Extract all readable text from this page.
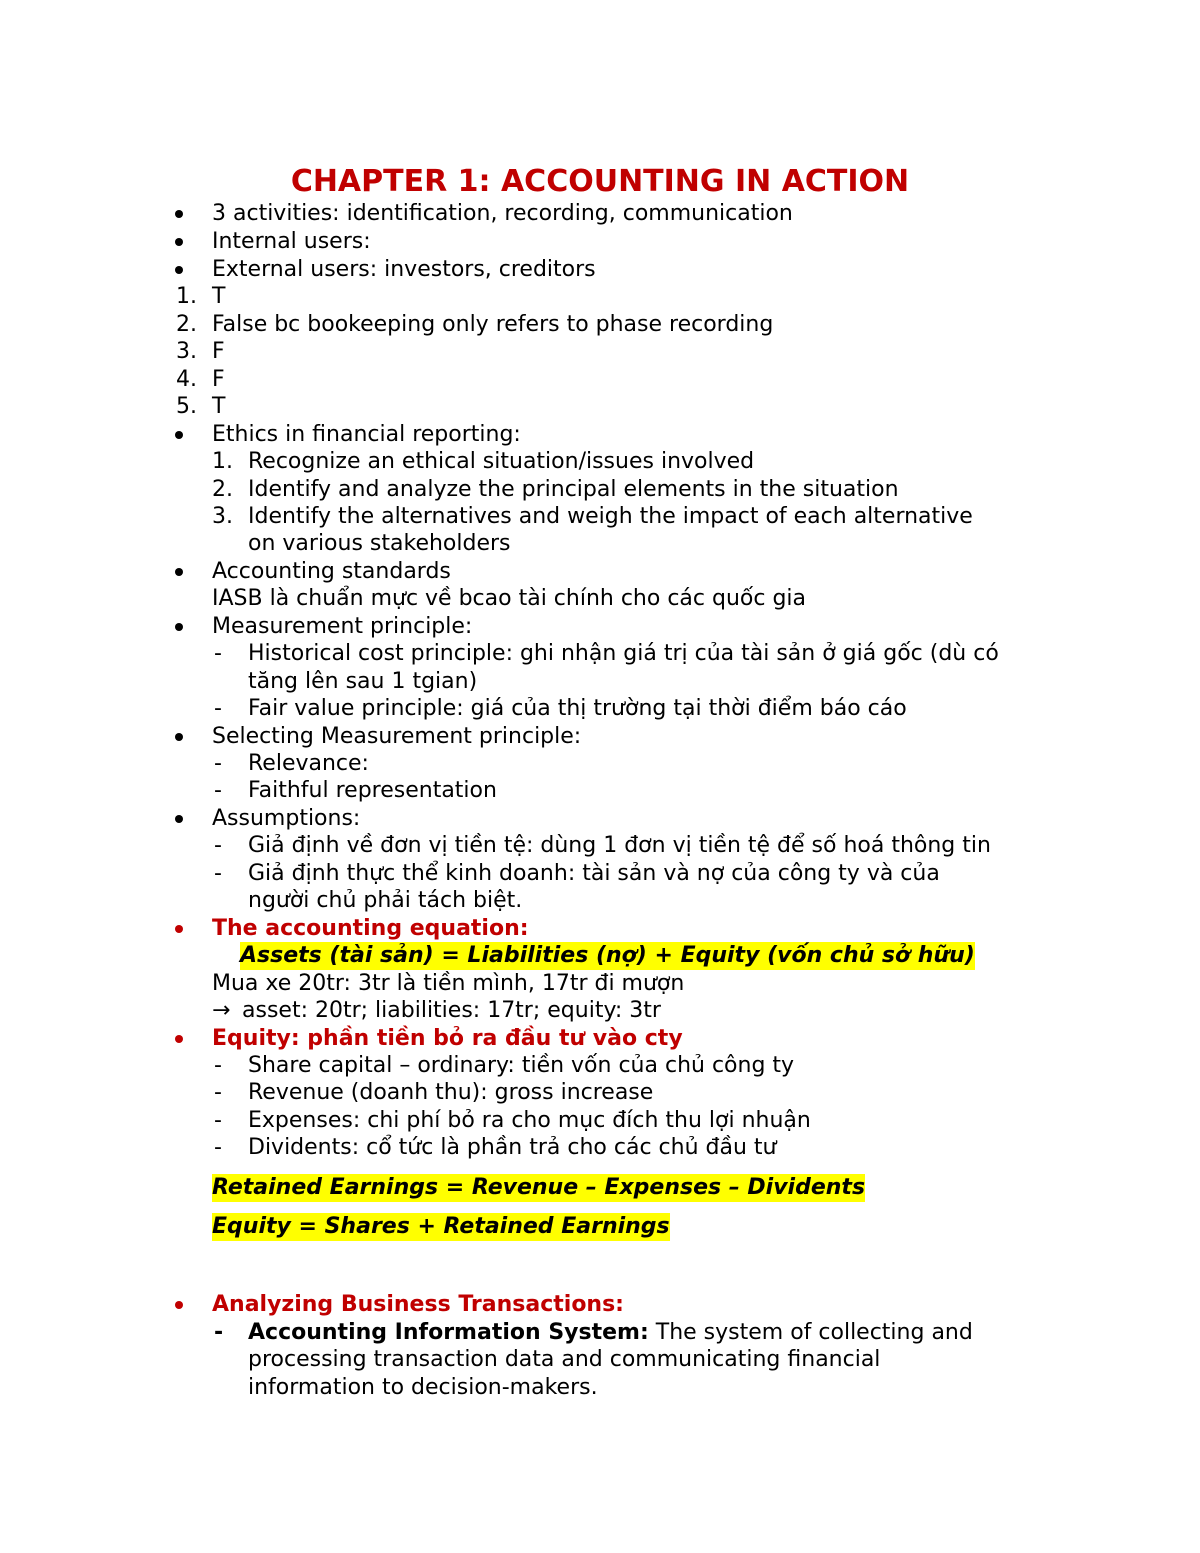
CHAPTER 1: ACCOUNTING IN ACTION
3 activities: identification, recording, communication
Internal users:
External users: investors, creditors
1. T
2. False bc bookeeping only refers to phase recording
3. F
4. F
5. T
Ethics in financial reporting:
1. Recognize an ethical situation/issues involved
2. Identify and analyze the principal elements in the situation
3. Identify the alternatives and weigh the impact of each alternative
on various stakeholders
Accounting standards
IASB là chuẩn mực về bcao tài chính cho các quốc gia
Measurement principle:
- Historical cost principle: ghi nhận giá trị của tài sản ở giá gốc (dù có
tăng lên sau 1 tgian)
- Fair value principle: giá của thị trường tại thời điểm báo cáo
Selecting Measurement principle:
- Relevance:
- Faithful representation
Assumptions:
- Giả định về đơn vị tiền tệ: dùng 1 đơn vị tiền tệ để số hoá thông tin
- Giả định thực thể kinh doanh: tài sản và nợ của công ty và của
người chủ phải tách biệt.
The accounting equation:
Assets (tài sản) = Liabilities (nợ) + Equity (vốn chủ sở hữu)
Mua xe 20tr: 3tr là tiền mình, 17tr đi mượn
→ asset: 20tr; liabilities: 17tr; equity: 3tr
Equity: phần tiền bỏ ra đầu tư vào cty
- Share capital – ordinary: tiền vốn của chủ công ty
- Revenue (doanh thu): gross increase
- Expenses: chi phí bỏ ra cho mục đích thu lợi nhuận
- Dividents: cổ tức là phần trả cho các chủ đầu tư
Retained Earnings = Revenue – Expenses – Dividents
Equity = Shares + Retained Earnings
Analyzing Business Transactions:
- Accounting Information System: The system of collecting and
processing transaction data and communicating financial
information to decision-makers.
